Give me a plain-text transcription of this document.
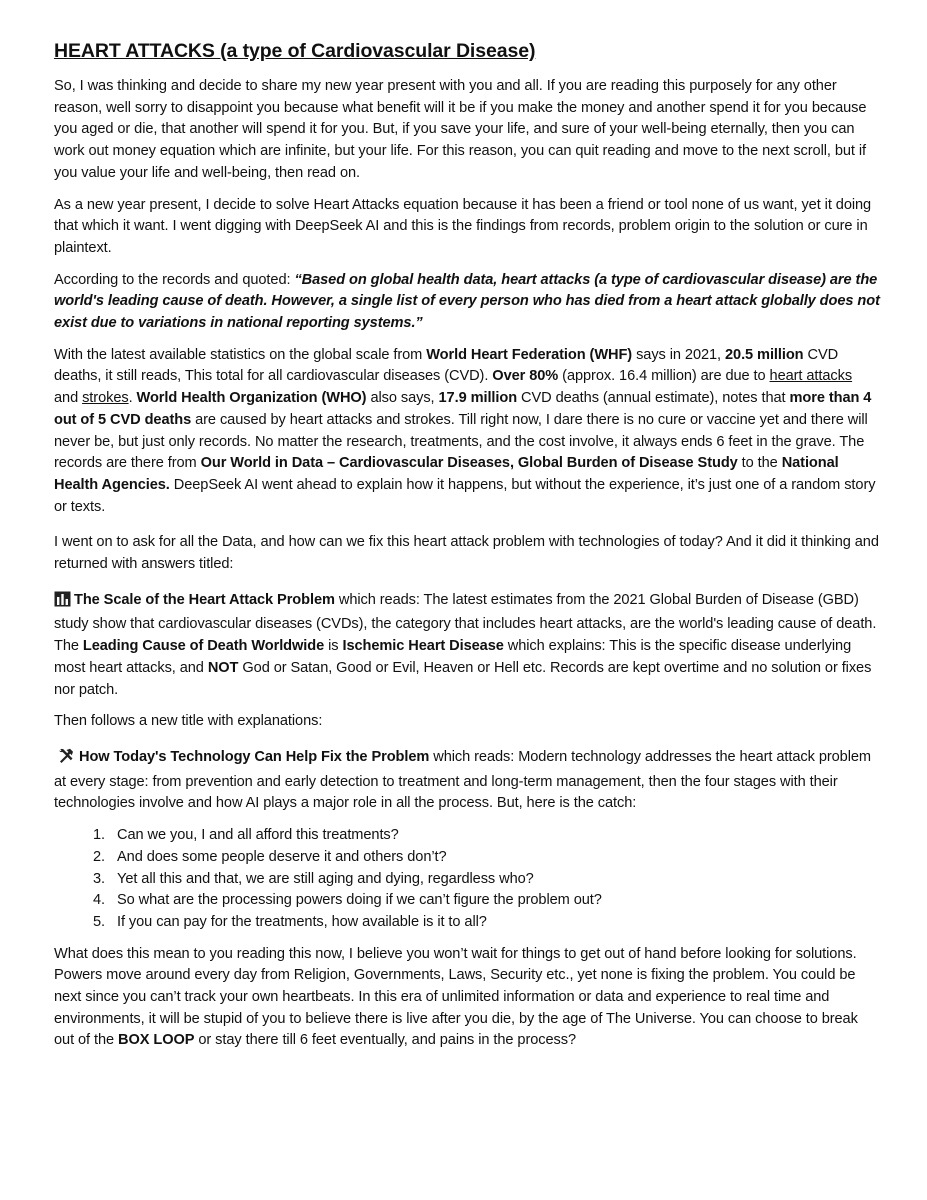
HEART ATTACKS (a type of Cardiovascular Disease)

So, I was thinking and decide to share my new year present with you and all. If you are reading this purposely for any other reason, well sorry to disappoint you because what benefit will it be if you make the money and another spend it for you because you aged or die, that another will spend it for you. But, if you save your life, and sure of your well-being eternally, then you can work out money equation which are infinite, but your life. For this reason, you can quit reading and move to the next scroll, but if you value your life and well-being, then read on.

As a new year present, I decide to solve Heart Attacks equation because it has been a friend or tool none of us want, yet it doing that which it want. I went digging with DeepSeek AI and this is the findings from records, problem origin to the solution or cure in plaintext.

According to the records and quoted: “Based on global health data, heart attacks (a type of cardiovascular disease) are the world's leading cause of death. However, a single list of every person who has died from a heart attack globally does not exist due to variations in national reporting systems.”

With the latest available statistics on the global scale from World Heart Federation (WHF) says in 2021, 20.5 million CVD deaths, it still reads, This total for all cardiovascular diseases (CVD). Over 80% (approx. 16.4 million) are due to heart attacks and strokes. World Health Organization (WHO) also says, 17.9 million CVD deaths (annual estimate), notes that more than 4 out of 5 CVD deaths are caused by heart attacks and strokes. Till right now, I dare there is no cure or vaccine yet and there will never be, but just only records. No matter the research, treatments, and the cost involve, it always ends 6 feet in the grave. The records are there from Our World in Data – Cardiovascular Diseases, Global Burden of Disease Study to the National Health Agencies. DeepSeek AI went ahead to explain how it happens, but without the experience, it’s just one of a random story or texts.

I went on to ask for all the Data, and how can we fix this heart attack problem with technologies of today? And it did it thinking and returned with answers titled:

The Scale of the Heart Attack Problem which reads: The latest estimates from the 2021 Global Burden of Disease (GBD) study show that cardiovascular diseases (CVDs), the category that includes heart attacks, are the world's leading cause of death. The Leading Cause of Death Worldwide is Ischemic Heart Disease which explains: This is the specific disease underlying most heart attacks, and NOT God or Satan, Good or Evil, Heaven or Hell etc. Records are kept overtime and no solution or fixes nor patch.

Then follows a new title with explanations:

How Today's Technology Can Help Fix the Problem which reads: Modern technology addresses the heart attack problem at every stage: from prevention and early detection to treatment and long-term management, then the four stages with their technologies involve and how AI plays a major role in all the process. But, here is the catch:

1. Can we you, I and all afford this treatments?
2. And does some people deserve it and others don’t?
3. Yet all this and that, we are still aging and dying, regardless who?
4. So what are the processing powers doing if we can’t figure the problem out?
5. If you can pay for the treatments, how available is it to all?

What does this mean to you reading this now, I believe you won’t wait for things to get out of hand before looking for solutions. Powers move around every day from Religion, Governments, Laws, Security etc., yet none is fixing the problem. You could be next since you can’t track your own heartbeats. In this era of unlimited information or data and experience to real time and environments, it will be stupid of you to believe there is live after you die, by the age of The Universe. You can choose to break out of the BOX LOOP or stay there till 6 feet eventually, and pains in the process?
